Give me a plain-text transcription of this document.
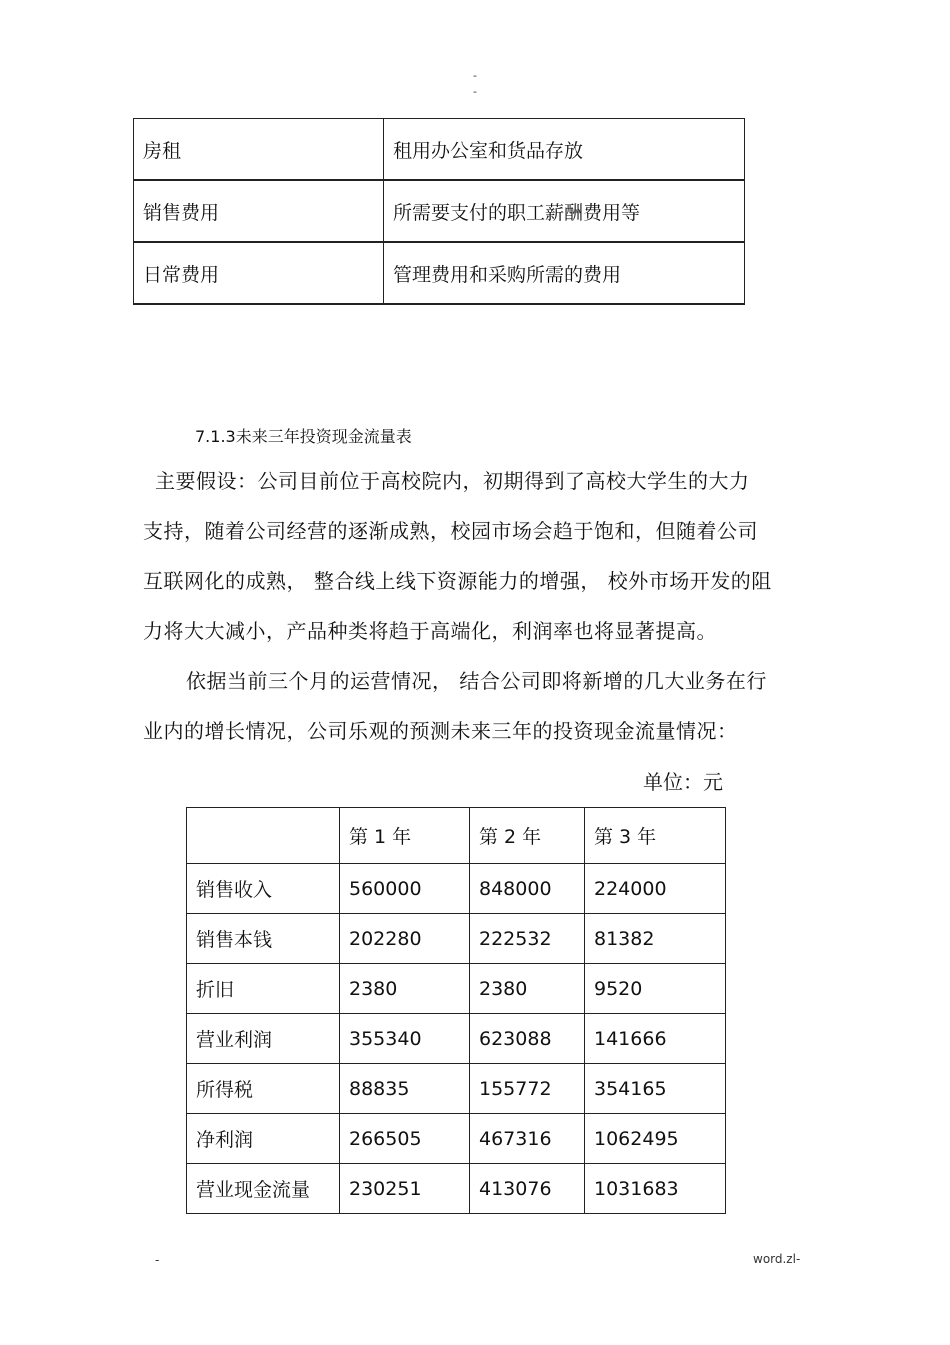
-
-
房租	租用办公室和货品存放
销售费用	所需要支付的职工薪酬费用等
日常费用	管理费用和采购所需的费用
7.1.3未来三年投资现金流量表
主要假设：公司目前位于高校院内，初期得到了高校大学生的大力
支持，随着公司经营的逐渐成熟，校园市场会趋于饱和，但随着公司
互联网化的成熟， 整合线上线下资源能力的增强， 校外市场开发的阻
力将大大减小，产品种类将趋于高端化，利润率也将显著提高。
依据当前三个月的运营情况， 结合公司即将新增的几大业务在行
业内的增长情况，公司乐观的预测未来三年的投资现金流量情况：
单位：元
	第 1 年	第 2 年	第 3 年
销售收入	560000	848000	224000
销售本钱	202280	222532	81382
折旧	2380	2380	9520
营业利润	355340	623088	141666
所得税	88835	155772	354165
净利润	266505	467316	1062495
营业现金流量	230251	413076	1031683
-	word.zl-
